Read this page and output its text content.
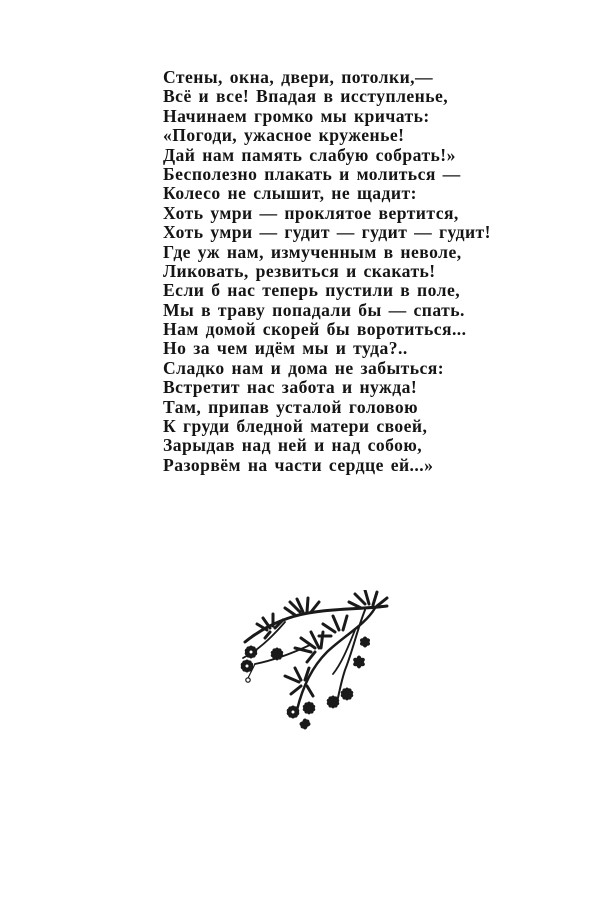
Стены, окна, двери, потолки,—
Всё и все! Впадая в исступленье,
Начинаем громко мы кричать:
«Погоди, ужасное круженье!
Дай нам память слабую собрать!»
Бесполезно плакать и молиться —
Колесо не слышит, не щадит:
Хоть умри — проклятое вертится,
Хоть умри — гудит — гудит — гудит!
Где уж нам, измученным в неволе,
Ликовать, резвиться и скакать!
Если б нас теперь пустили в поле,
Мы в траву попадали бы — спать.
Нам домой скорей бы воротиться...
Но за чем идём мы и туда?..
Сладко нам и дома не забыться:
Встретит нас забота и нужда!
Там, припав усталой головою
К груди бледной матери своей,
Зарыдав над ней и над собою,
Разорвём на части сердце ей...»
